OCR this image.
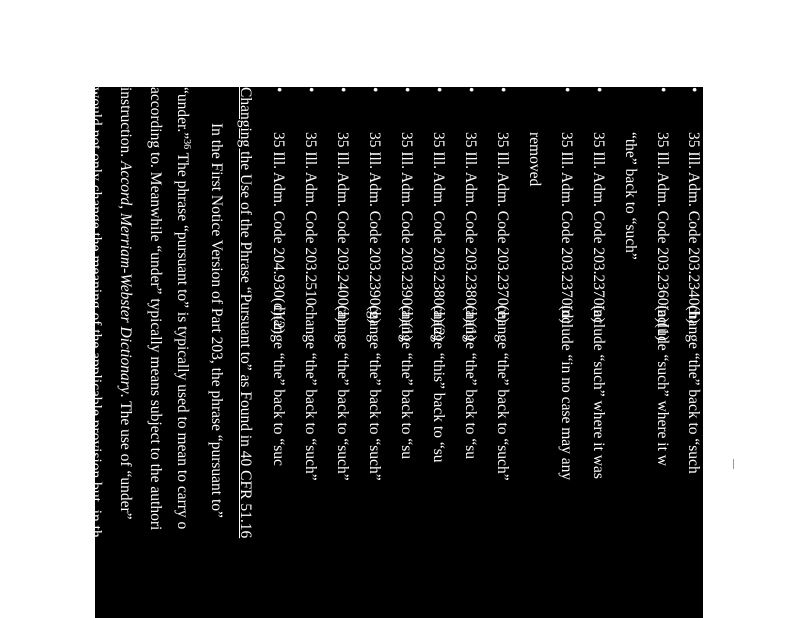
•
35 Ill. Adm. Code 203.2340(h)
change “the” back to “such
•
35 Ill. Adm. Code 203.2360(a)(1)
include “such” where it w
“the” back to “such”
•
35 Ill. Adm. Code 203.2370(a)
include “such” where it was
•
35 Ill. Adm. Code 203.2370(d)
include “in no case may any
removed
•
35 Ill. Adm. Code 203.2370(e)
change “the” back to “such”
•
35 Ill. Adm. Code 203.2380(a)(1)
change “the” back to “su
•
35 Ill. Adm. Code 203.2380(a)(2)
change “this” back to “su
•
35 Ill. Adm. Code 203.2390(a)(1)
change “the” back to “su
•
35 Ill. Adm. Code 203.2390(g)
change “the” back to “such”
•
35 Ill. Adm. Code 203.2400(a)
change “the” back to “such”
•
35 Ill. Adm. Code 203.2510
change “the” back to “such”
•
35 Ill. Adm. Code 204.930(d)(2)
change “the” back to “suc
Changing the Use of the Phrase “Pursuant to” as Found in 40 CFR 51.16
In the First Notice Version of Part 203, the phrase “pursuant to”
“under.”$^{36}$ The phrase “pursuant to” is typically used to mean to carry o
according to. Meanwhile “under” typically means subject to the authori
instruction. Accord, Merriam-Webster Dictionary. The use of “under”
would not only change the meaning of the applicable provision but, in th
